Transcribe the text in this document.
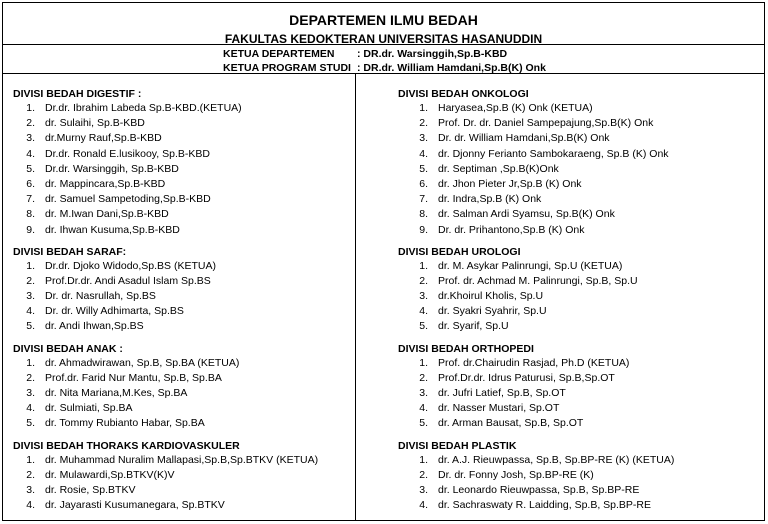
DEPARTEMEN ILMU BEDAH
FAKULTAS KEDOKTERAN UNIVERSITAS HASANUDDIN
KETUA DEPARTEMEN : DR.dr. Warsinggih,Sp.B-KBD
KETUA PROGRAM STUDI : DR.dr. William Hamdani,Sp.B(K) Onk
DIVISI BEDAH DIGESTIF :
1. Dr.dr. Ibrahim Labeda Sp.B-KBD.(KETUA)
2. dr. Sulaihi, Sp.B-KBD
3. dr.Murny Rauf,Sp.B-KBD
4. Dr.dr. Ronald E.lusikooy, Sp.B-KBD
5. Dr.dr. Warsinggih, Sp.B-KBD
6. dr. Mappincara,Sp.B-KBD
7. dr. Samuel Sampetoding,Sp.B-KBD
8. dr. M.Iwan Dani,Sp.B-KBD
9. dr. Ihwan Kusuma,Sp.B-KBD
DIVISI BEDAH SARAF:
1. Dr.dr. Djoko Widodo,Sp.BS (KETUA)
2. Prof.Dr.dr. Andi Asadul Islam Sp.BS
3. Dr. dr. Nasrullah, Sp.BS
4. Dr. dr. Willy Adhimarta, Sp.BS
5. dr. Andi Ihwan,Sp.BS
DIVISI BEDAH ANAK :
1. dr. Ahmadwirawan, Sp.B, Sp.BA (KETUA)
2. Prof.dr. Farid Nur Mantu, Sp.B, Sp.BA
3. dr. Nita Mariana,M.Kes, Sp.BA
4. dr. Sulmiati, Sp.BA
5. dr. Tommy Rubianto Habar, Sp.BA
DIVISI BEDAH THORAKS KARDIOVASKULER
1. dr. Muhammad Nuralim Mallapasi,Sp.B,Sp.BTKV (KETUA)
2. dr. Mulawardi,Sp.BTKV(K)V
3. dr. Rosie, Sp.BTKV
4. dr. Jayarasti Kusumanegara, Sp.BTKV
DIVISI BEDAH ONKOLOGI
1. Haryasea,Sp.B (K) Onk (KETUA)
2. Prof. Dr. dr. Daniel Sampepajung,Sp.B(K) Onk
3. Dr. dr. William Hamdani,Sp.B(K) Onk
4. dr. Djonny Ferianto Sambokaraeng, Sp.B (K) Onk
5. dr. Septiman ,Sp.B(K)Onk
6. dr. Jhon Pieter Jr,Sp.B (K) Onk
7. dr. Indra,Sp.B (K) Onk
8. dr. Salman Ardi Syamsu, Sp.B(K) Onk
9. Dr. dr. Prihantono,Sp.B (K) Onk
DIVISI BEDAH UROLOGI
1. dr. M. Asykar Palinrungi, Sp.U (KETUA)
2. Prof. dr. Achmad M. Palinrungi, Sp.B, Sp.U
3. dr.Khoirul Kholis, Sp.U
4. dr. Syakri Syahrir, Sp.U
5. dr. Syarif, Sp.U
DIVISI BEDAH ORTHOPEDI
1. Prof. dr.Chairudin Rasjad, Ph.D (KETUA)
2. Prof.Dr.dr. Idrus Paturusi, Sp.B,Sp.OT
3. dr. Jufri Latief, Sp.B, Sp.OT
4. dr. Nasser Mustari, Sp.OT
5. dr. Arman Bausat, Sp.B, Sp.OT
DIVISI BEDAH PLASTIK
1. dr. A.J. Rieuwpassa, Sp.B, Sp.BP-RE (K) (KETUA)
2. Dr. dr. Fonny Josh, Sp.BP-RE (K)
3. dr. Leonardo Rieuwpassa, Sp.B, Sp.BP-RE
4. dr. Sachraswaty R. Laidding, Sp.B, Sp.BP-RE
